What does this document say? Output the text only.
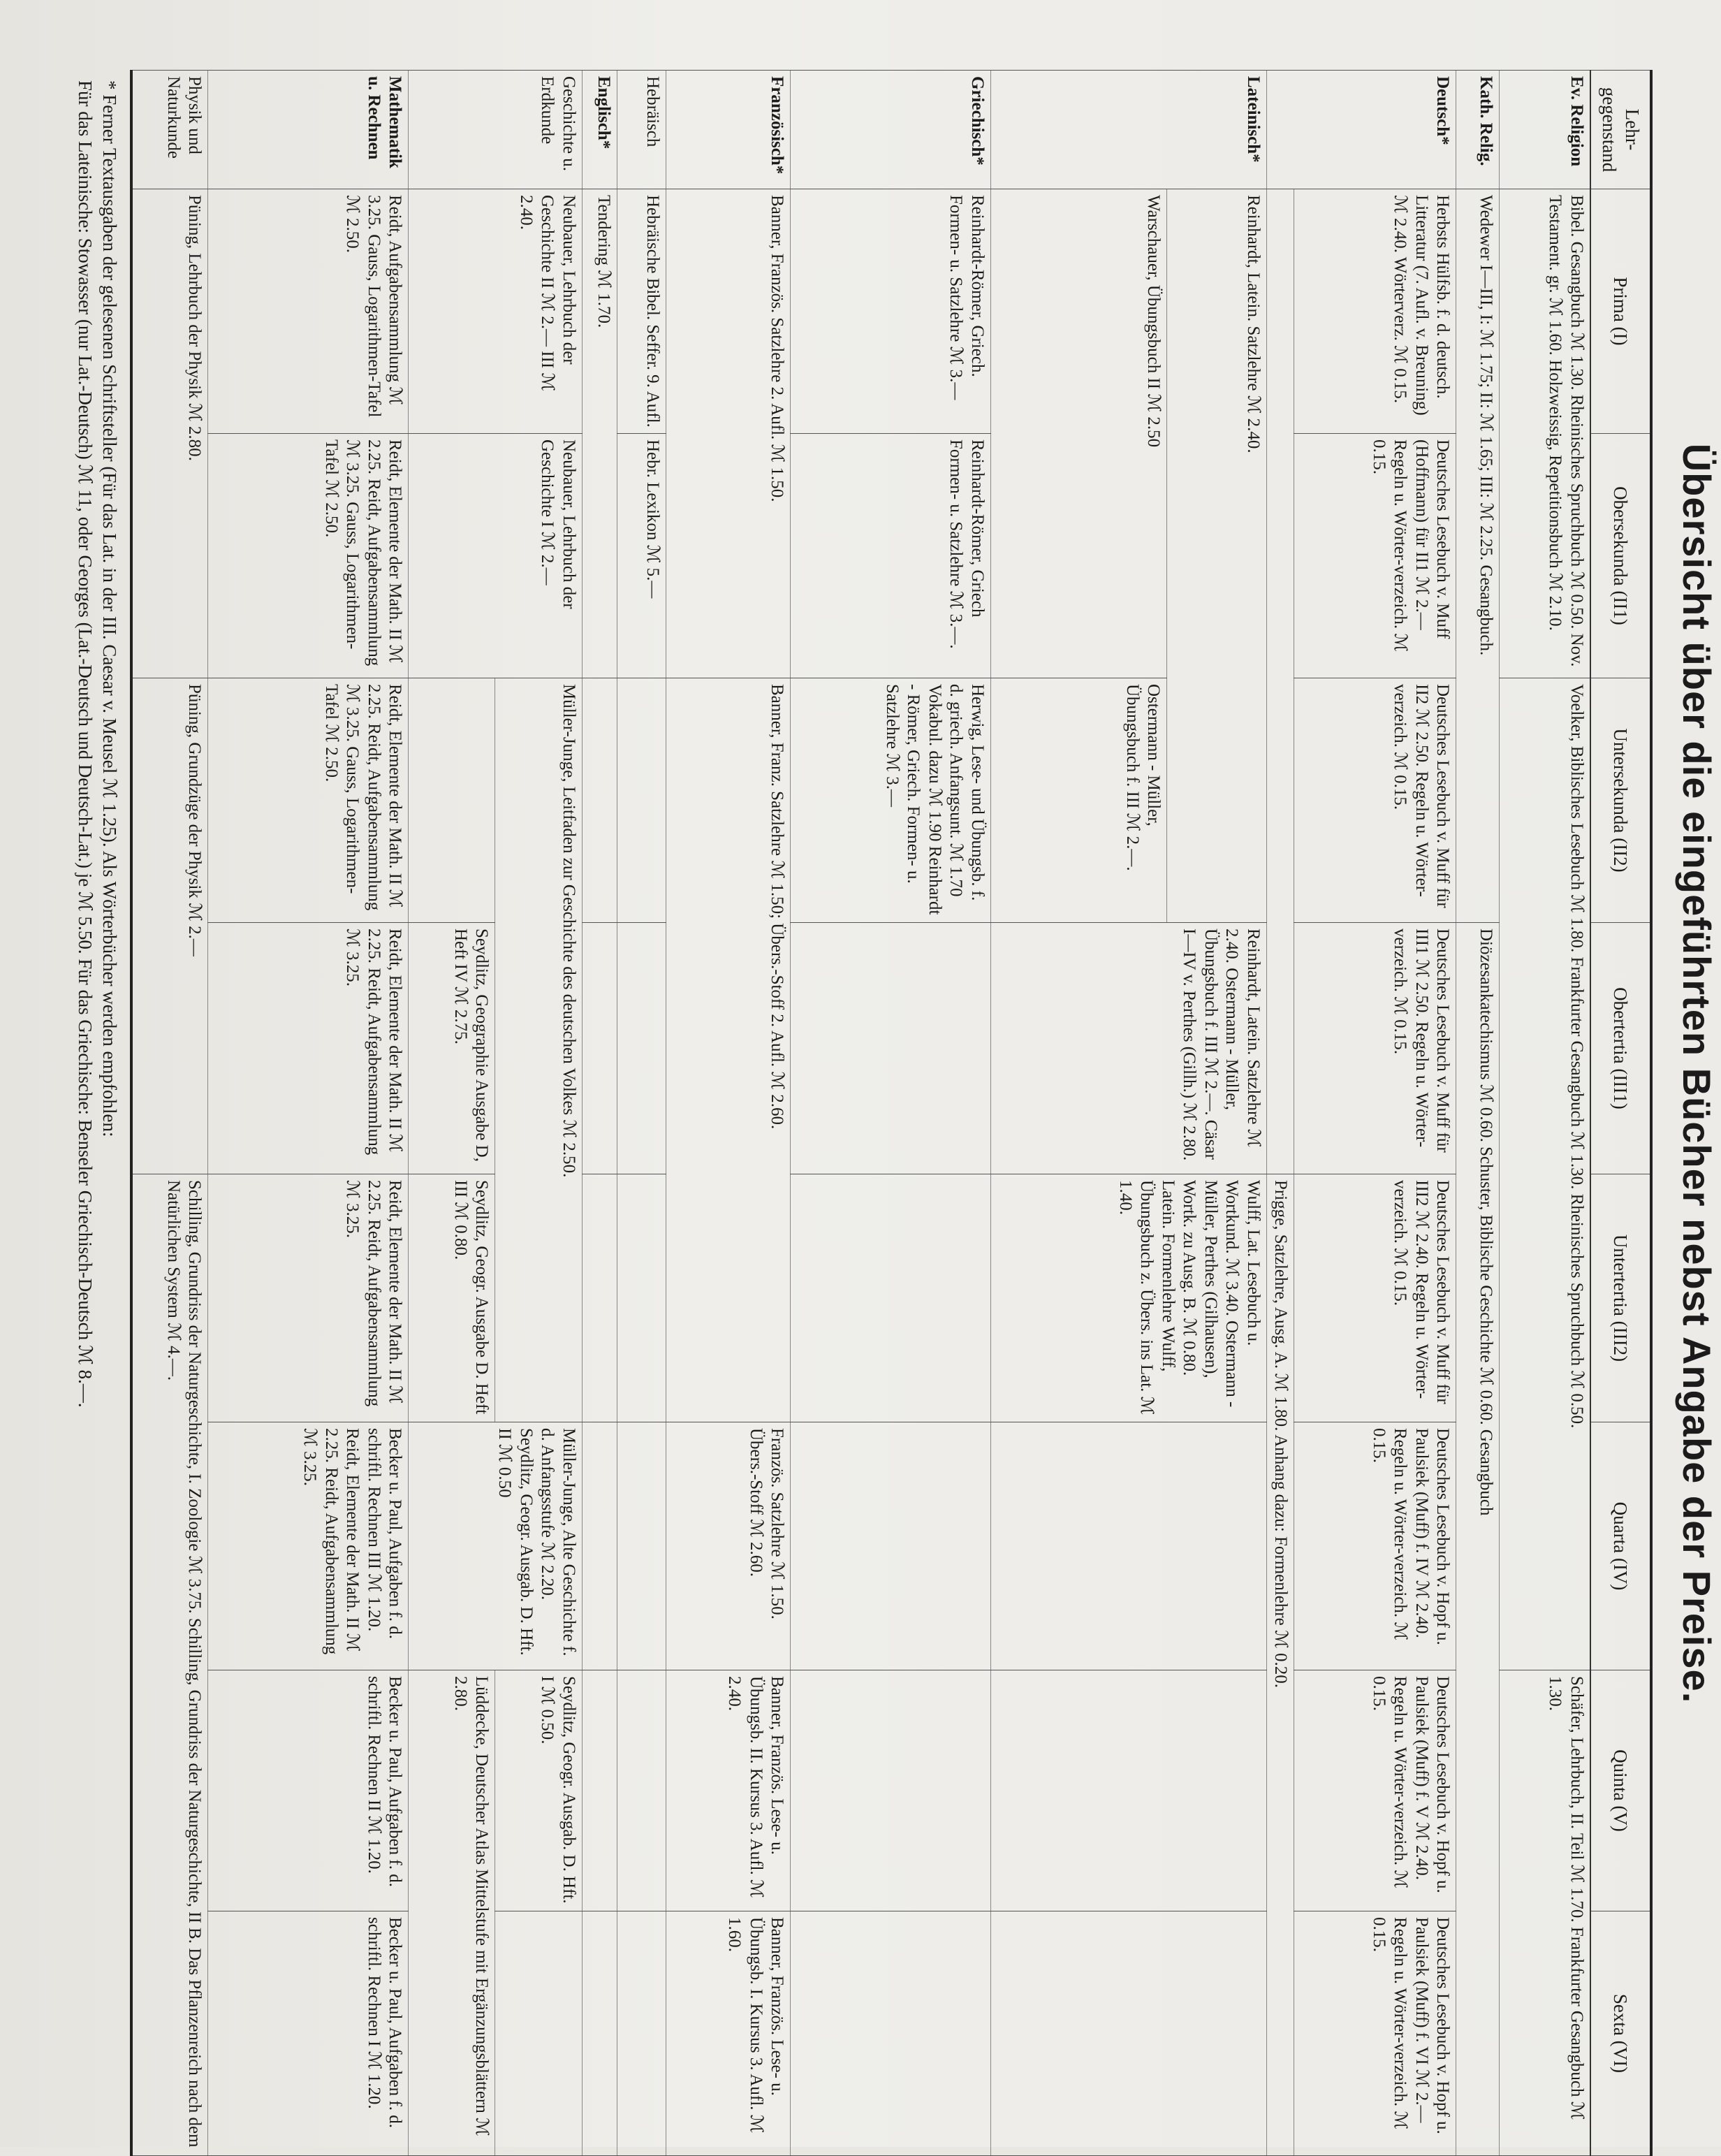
Übersicht über die eingeführten Bücher nebst Angabe der Preise.
Lehr-gegenstand	Prima (I)	Obersekunda (II1)	Untersekunda (II2)	Obertertia (III1)	Untertertia (III2)	Quarta (IV)	Quinta (V)	Sexta (VI)
Ev. Religion	Bibel. Gesangbuch ℳ 1.30. Rheinisches Spruchbuch ℳ 0.50. Nov. Testament. gr. ℳ 1.60. Holzweissig, Repetitionsbuch ℳ 2.10.		Voelker, Biblisches Lesebuch ℳ 1.80. Frankfurter Gesangbuch ℳ 1.30. Rheinisches Spruchbuch ℳ 0.50.				Schäfer, Lehrbuch, II. Teil ℳ 1.70. Frankfurter Gesangbuch ℳ 1.30.	
Kath. Relig.	Wedewer I—III, I: ℳ 1.75; II: ℳ 1.65; III: ℳ 2.25. Gesangbuch.			Diözesankatechismus ℳ 0.60. Schuster, Biblische Geschichte ℳ 0.60. Gesangbuch				
Deutsch*	Herbsts Hülfsb. f. d. deutsch. Litteratur (7. Aufl. v. Breuning) ℳ 2.40. Wörterverz. ℳ 0.15.	Deutsches Lesebuch v. Muff (Hoffmann) für II1 ℳ 2.— Regeln u. Wörter-verzeich. ℳ 0.15.	Deutsches Lesebuch v. Muff für II2 ℳ 2.50. Regeln u. Wörter-verzeich. ℳ 0.15.	Deutsches Lesebuch v. Muff für III1 ℳ 2.50. Regeln u. Wörter-verzeich. ℳ 0.15.	Deutsches Lesebuch v. Muff für III2 ℳ 2.40. Regeln u. Wörter-verzeich. ℳ 0.15.	Deutsches Lesebuch v. Hopf u. Paulsiek (Muff) f. IV ℳ 2.40. Regeln u. Wörter-verzeich. ℳ 0.15.	Deutsches Lesebuch v. Hopf u. Paulsiek (Muff) f. V ℳ 2.40. Regeln u. Wörter-verzeich. ℳ 0.15.	Deutsches Lesebuch v. Hopf u. Paulsiek (Muff) f. VI ℳ 2.— Regeln u. Wörter-verzeich. ℳ 0.15.
					Prigge, Satzlehre, Ausg. A. ℳ 1.80. Anhang dazu: Formenlehre ℳ 0.20.			
Lateinisch*	Reinhardt, Latein. Satzlehre ℳ 2.40.			Reinhardt, Latein. Satzlehre ℳ 2.40. Ostermann - Müller, Übungsbuch f. III ℳ 2.—. Cäsar I—IV v. Perthes (Gillh.) ℳ 2.80.	Wulff, Lat. Lesebuch u. Wortkund. ℳ 3.40. Ostermann - Müller, Perthes (Gilhausen), Wortk. zu Ausg. B. ℳ 0.80. Latein. Formenlehre Wulff, Übungsbuch z. Übers. ins Lat. ℳ 1.40.			
	Warschauer, Übungsbuch II ℳ 2.50		Ostermann - Müller, Übungsbuch f. III ℳ 2.—.					
Griechisch*	Reinhardt-Römer, Griech. Formen- u. Satzlehre ℳ 3.—	Reinhardt-Römer, Griech Formen- u. Satzlehre ℳ 3.—.	Herwig, Lese- und Übungsb. f. d. griech. Anfangsunt. ℳ 1.70 Vokabul. dazu ℳ 1.90 Reinhardt - Römer, Griech. Formen- u. Satzlehre ℳ 3.—					
Französisch*	Banner, Französ. Satzlehre 2. Aufl. ℳ 1.50.		Banner, Franz. Satzlehre ℳ 1.50; Übers.-Stoff 2. Aufl. ℳ 2.60.			Französ. Satzlehre ℳ 1.50. Übers.-Stoff ℳ 2.60.	Banner, Französ. Lese- u. Übungsb. II. Kursus 3. Aufl. ℳ 2.40.	Banner, Französ. Lese- u. Übungsb. I. Kursus 3. Aufl. ℳ 1.60.
Hebräisch	Hebräische Bibel. Seffer. 9. Aufl.	Hebr. Lexikon ℳ 5.—						
Englisch*	Tendering ℳ 1.70.							
Geschichte u. Erdkunde	Neubauer, Lehrbuch der Geschichte II ℳ 2.— III ℳ 2.40.	Neubauer, Lehrbuch der Geschichte I ℳ 2.—	Müller-Junge, Leitfaden zur Geschichte des deutschen Volkes ℳ 2.50.			Müller-Junge, Alte Geschichte f. d. Anfangsstufe ℳ 2.20. Seydlitz, Geogr. Ausgab. D. Hft. II ℳ 0.50	Seydlitz, Geogr. Ausgab. D. Hft. I ℳ 0.50.	
				Seydlitz, Geographie Ausgabe D, Heft IV ℳ 2.75.	Seydlitz, Geogr. Ausgabe D. Heft III ℳ 0.80.		Lüddecke, Deutscher Atlas Mittelstufe mit Ergänzungsblättern ℳ 2.80.	
Mathematik u. Rechnen	Reidt, Aufgabensammlung ℳ 3.25. Gauss, Logarithmen-Tafel ℳ 2.50.	Reidt, Elemente der Math. II ℳ 2.25. Reidt, Aufgabensammlung ℳ 3.25. Gauss, Logarithmen-Tafel ℳ 2.50.	Reidt, Elemente der Math. II ℳ 2.25. Reidt, Aufgabensammlung ℳ 3.25. Gauss, Logarithmen-Tafel ℳ 2.50.	Reidt, Elemente der Math. II ℳ 2.25. Reidt, Aufgabensammlung ℳ 3.25.	Reidt, Elemente der Math. II ℳ 2.25. Reidt, Aufgabensammlung ℳ 3.25.	Becker u. Paul, Aufgaben f. d. schriftl. Rechnen III ℳ 1.20. Reidt, Elemente der Math. II ℳ 2.25. Reidt, Aufgabensammlung ℳ 3.25.	Becker u. Paul, Aufgaben f. d. schriftl. Rechnen II ℳ 1.20.	Becker u. Paul, Aufgaben f. d. schriftl. Rechnen I ℳ 1.20.
Physik und Naturkunde	Püning, Lehrbuch der Physik ℳ 2.80.		Püning, Grundzüge der Physik ℳ 2.—		Schilling, Grundriss der Naturgeschichte, I. Zoologie ℳ 3.75. Schilling, Grundriss der Naturgeschichte, II B. Das Pflanzenreich nach dem Natürlichen System ℳ 4.—.			

* Ferner Textausgaben der gelesenen Schriftsteller (Für das Lat. in der III. Caesar v. Meusel ℳ 1.25). Als Wörterbücher werden empfohlen:

Für das Lateinische: Stowasser (nur Lat.-Deutsch) ℳ 11, oder Georges (Lat.-Deutsch und Deutsch-Lat.) je ℳ 5.50. Für das Griechische: Benseler Griechisch-Deutsch ℳ 8.—.
